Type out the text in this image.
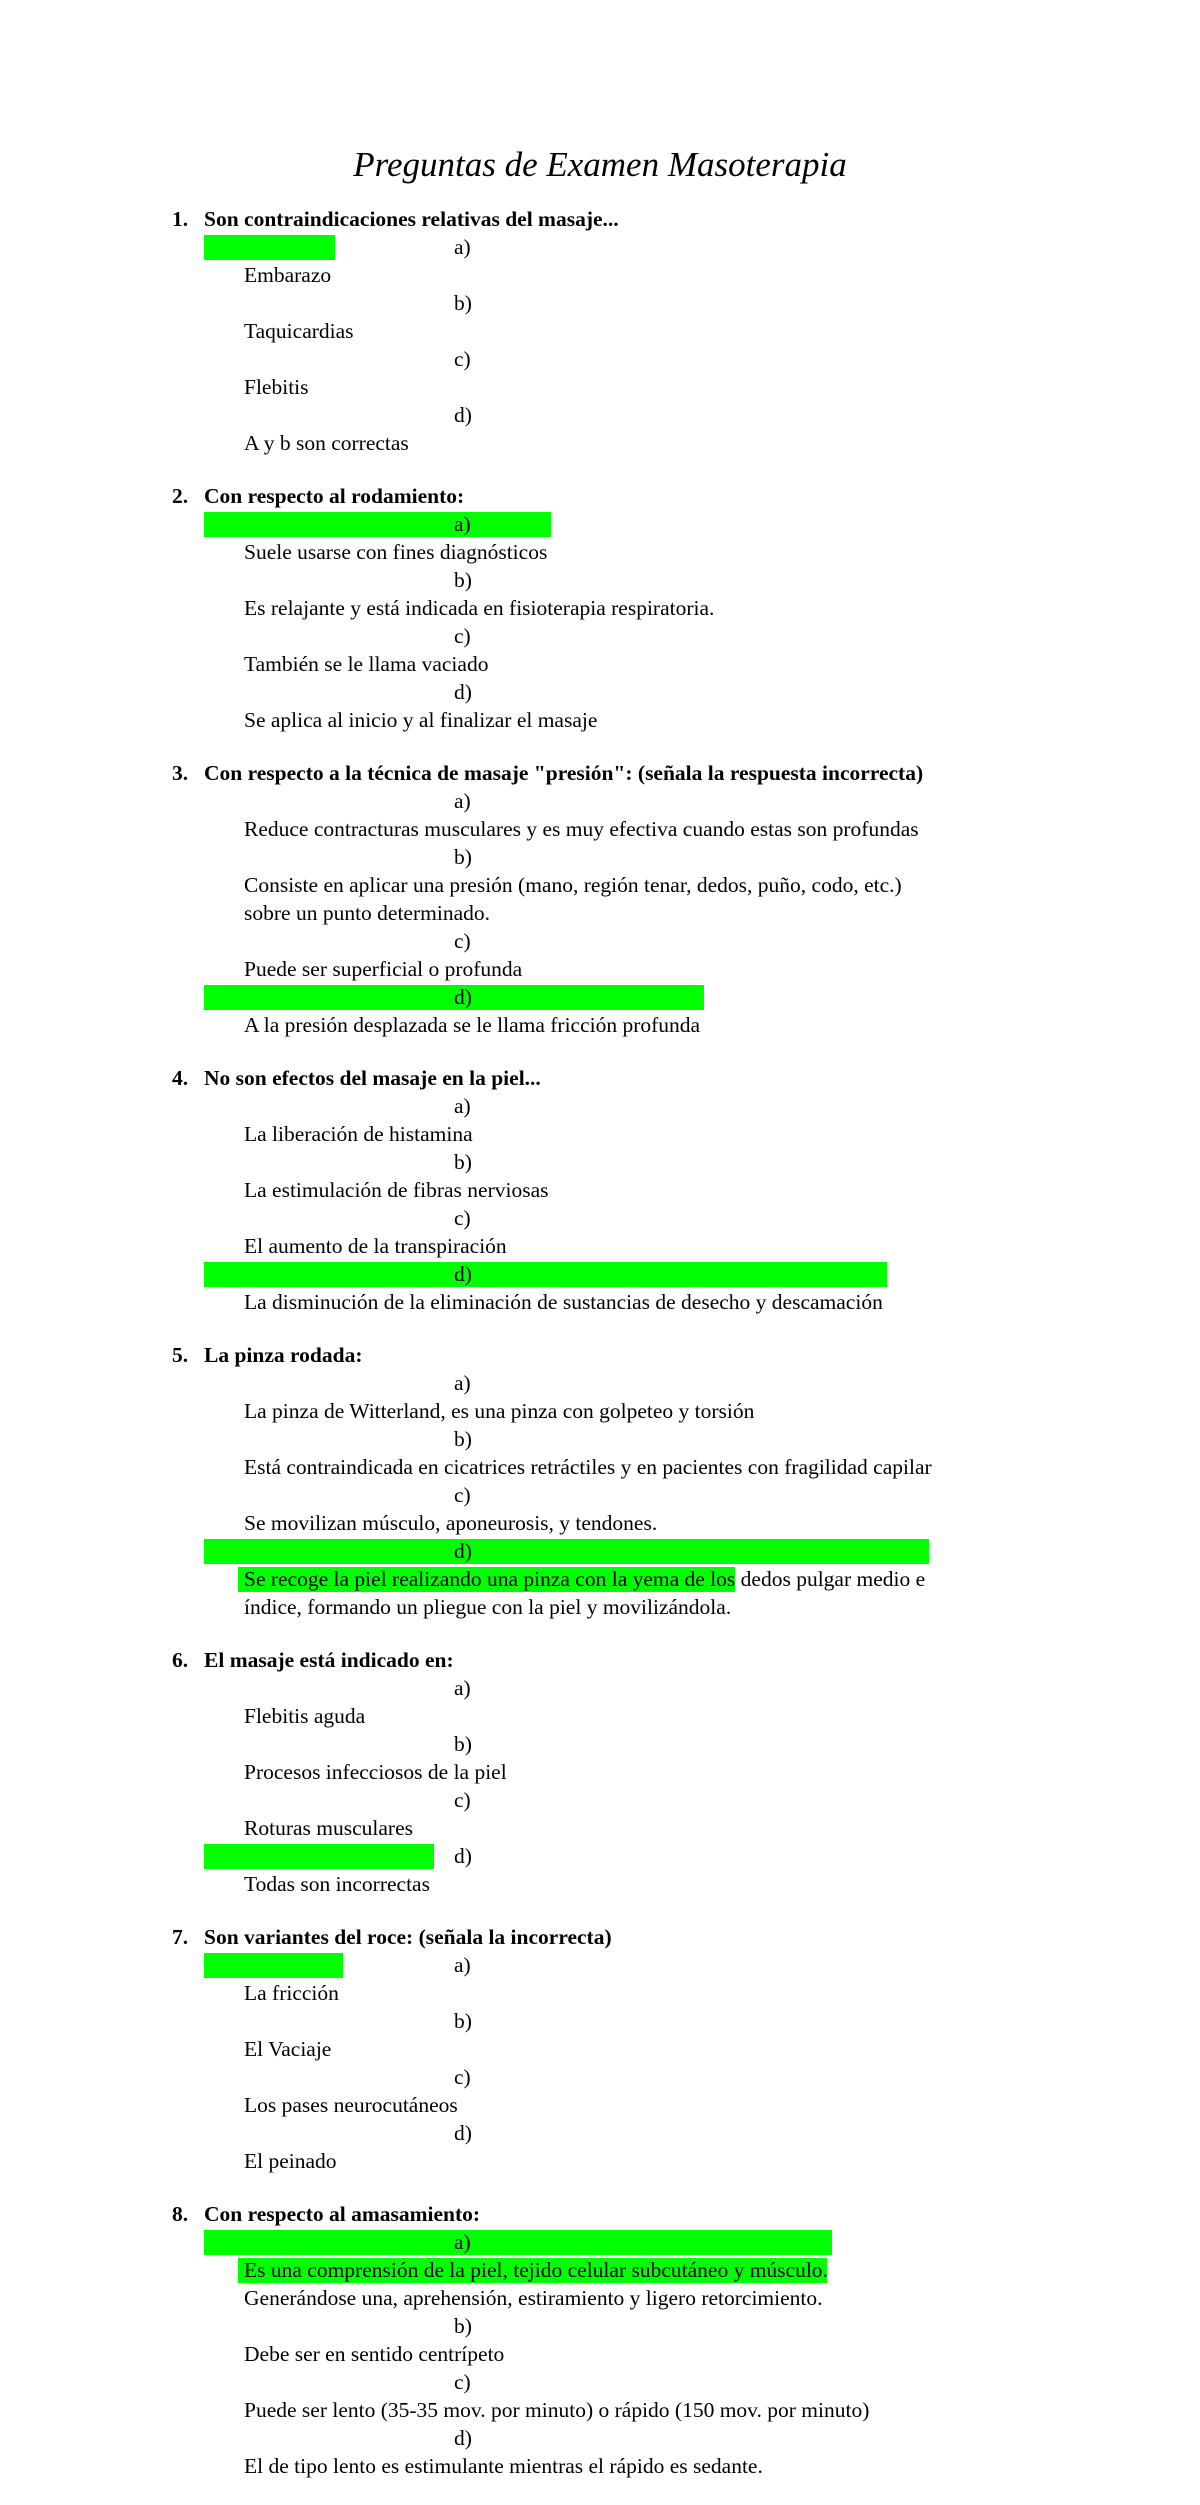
Preguntas de Examen Masoterapia
1. Son contraindicaciones relativas del masaje...
a)
Embarazo
b)
Taquicardias
c)
Flebitis
d)
A y b son correctas
2. Con respecto al rodamiento:
a)
Suele usarse con fines diagnósticos
b)
Es relajante y está indicada en fisioterapia respiratoria.
c)
También se le llama vaciado
d)
Se aplica al inicio y al finalizar el masaje
3. Con respecto a la técnica de masaje "presión": (señala la respuesta incorrecta)
a)
Reduce contracturas musculares y es muy efectiva cuando estas son profundas
b)
Consiste en aplicar una presión (mano, región tenar, dedos, puño, codo, etc.)
sobre un punto determinado.
c)
Puede ser superficial o profunda
d)
A la presión desplazada se le llama fricción profunda
4. No son efectos del masaje en la piel...
a)
La liberación de histamina
b)
La estimulación de fibras nerviosas
c)
El aumento de la transpiración
d)
La disminución de la eliminación de sustancias de desecho y descamación
5. La pinza rodada:
a)
La pinza de Witterland, es una pinza con golpeteo y torsión
b)
Está contraindicada en cicatrices retráctiles y en pacientes con fragilidad capilar
c)
Se movilizan músculo, aponeurosis, y tendones.
d)
Se recoge la piel realizando una pinza con la yema de los dedos pulgar medio e
índice, formando un pliegue con la piel y movilizándola.
6. El masaje está indicado en:
a)
Flebitis aguda
b)
Procesos infecciosos de la piel
c)
Roturas musculares
d)
Todas son incorrectas
7. Son variantes del roce: (señala la incorrecta)
a)
La fricción
b)
El Vaciaje
c)
Los pases neurocutáneos
d)
El peinado
8. Con respecto al amasamiento:
a)
Es una comprensión de la piel, tejido celular subcutáneo y músculo.
Generándose una, aprehensión, estiramiento y ligero retorcimiento.
b)
Debe ser en sentido centrípeto
c)
Puede ser lento (35-35 mov. por minuto) o rápido (150 mov. por minuto)
d)
El de tipo lento es estimulante mientras el rápido es sedante.
